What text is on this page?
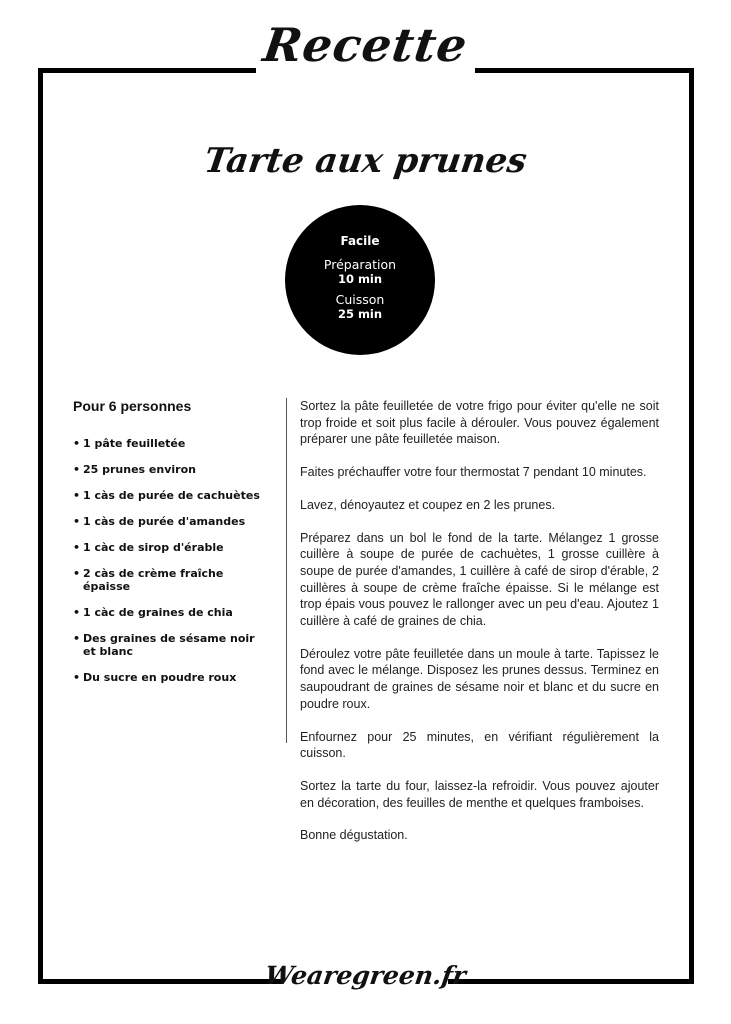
Recette
Tarte aux prunes
Facile
Préparation
10 min
Cuisson
25 min
Pour 6 personnes
• 1 pâte feuilletée
• 25 prunes environ
• 1 càs de purée de cachuètes
• 1 càs de purée d'amandes
• 1 càc de sirop d'érable
• 2 càs de crème fraîche épaisse
• 1 càc de graines de chia
• Des graines de sésame noir et blanc
• Du sucre en poudre roux

Sortez la pâte feuilletée de votre frigo pour éviter qu'elle ne soit trop froide et soit plus facile à dérouler. Vous pouvez également préparer une pâte feuilletée maison.

Faites préchauffer votre four thermostat 7 pendant 10 minutes.

Lavez, dénoyautez et coupez en 2 les prunes.

Préparez dans un bol le fond de la tarte. Mélangez 1 grosse cuillère à soupe de purée de cachuètes, 1 grosse cuillère à soupe de purée d'amandes, 1 cuillère à café de sirop d'érable, 2 cuillères à soupe de crème fraîche épaisse. Si le mélange est trop épais vous pouvez le rallonger avec un peu d'eau. Ajoutez 1 cuillère à café de graines de chia.

Déroulez votre pâte feuilletée dans un moule à tarte. Tapissez le fond avec le mélange. Disposez les prunes dessus. Terminez en saupoudrant de graines de sésame noir et blanc et du sucre en poudre roux.

Enfournez pour 25 minutes, en vérifiant régulièrement la cuisson.

Sortez la tarte du four, laissez-la refroidir. Vous pouvez ajouter en décoration, des feuilles de menthe et quelques framboises.

Bonne dégustation.

Wearegreen.fr
